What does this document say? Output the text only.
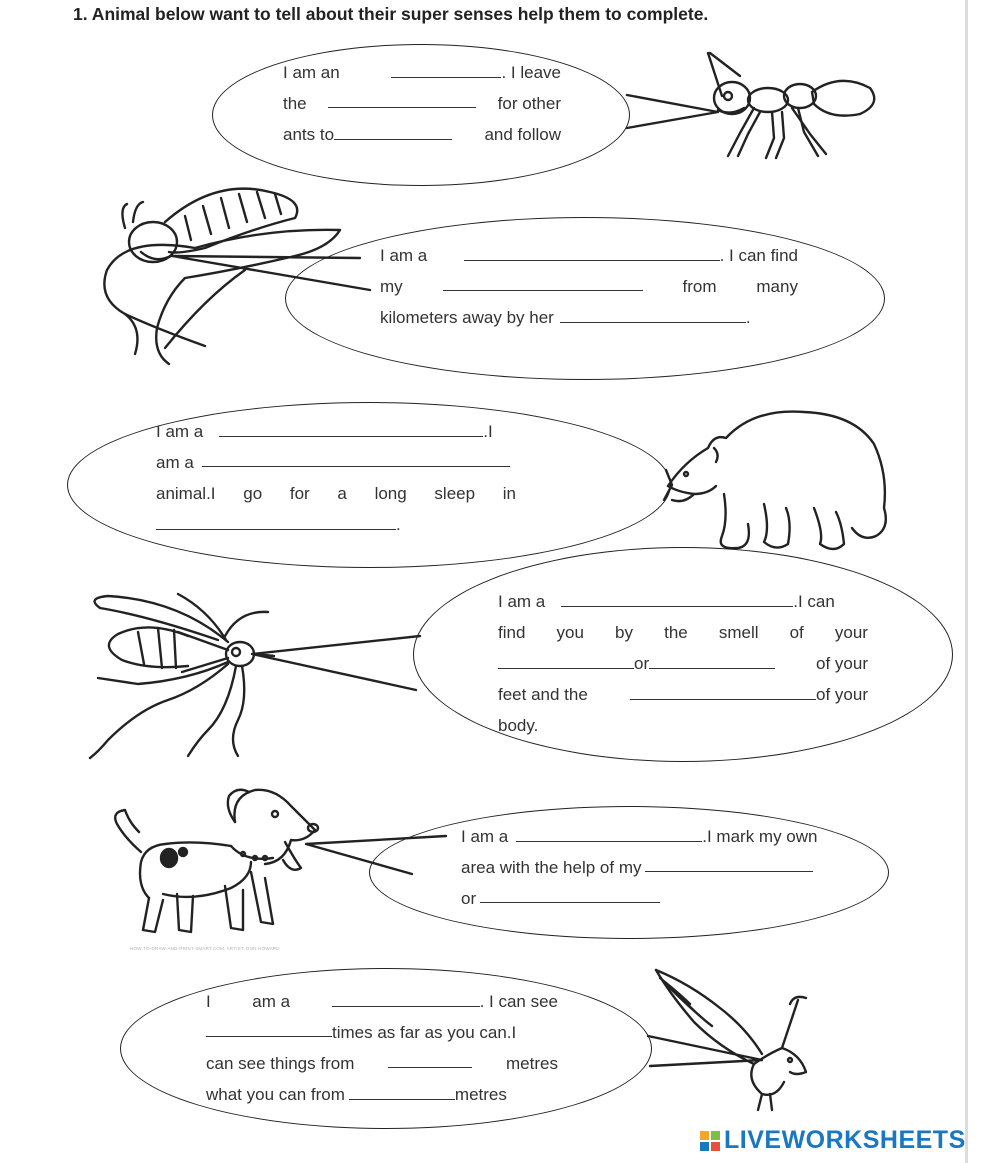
1. Animal below want to tell about their super senses help them to complete.
I am an	. I leave
the	for other
ants to	and follow
I am a	. I can find
my	from many
kilometers away by her	.
I am a	.I
am a
animal.I go for a long sleep in
.
I am a	.I can
find you by the smell of your
or	of your
feet and the	of your
body.
I am a	.I mark my own
area with the help of my
or
HOW-TO-DRAW-AND-PRINT-SMART.COM, ARTIST: DON HOWARD
I am a	. I can see
times as far as you can.I
can see things from	metres
what you can from	metres
LIVEWORKSHEETS
